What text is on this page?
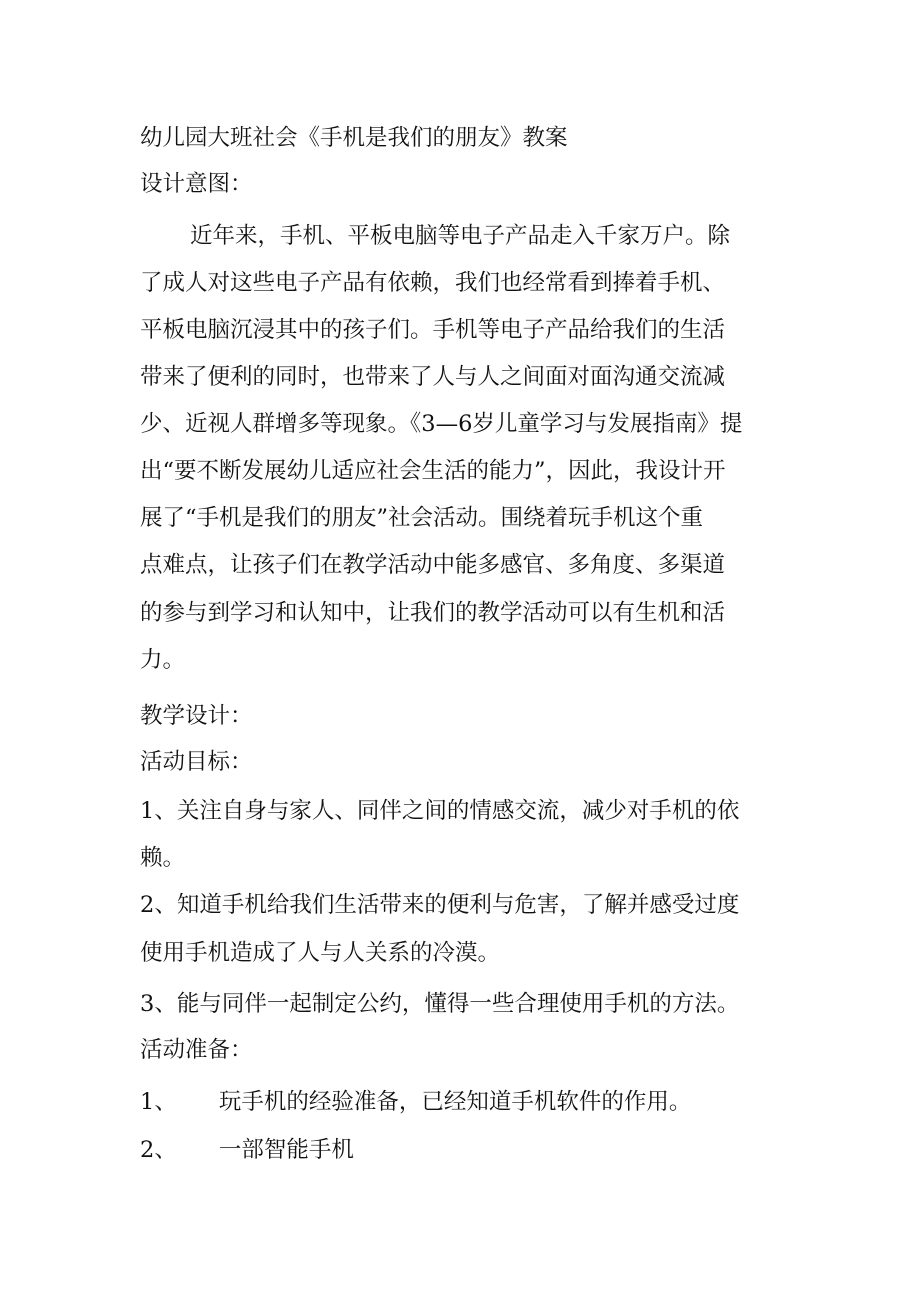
幼儿园大班社会《手机是我们的朋友》教案
设计意图：
近年来，手机、平板电脑等电子产品走入千家万户。除
了成人对这些电子产品有依赖，我们也经常看到捧着手机、
平板电脑沉浸其中的孩子们。手机等电子产品给我们的生活
带来了便利的同时，也带来了人与人之间面对面沟通交流减
少、近视人群增多等现象。《3—6岁儿童学习与发展指南》提
出“要不断发展幼儿适应社会生活的能力”，因此，我设计开
展了“手机是我们的朋友”社会活动。围绕着玩手机这个重
点难点，让孩子们在教学活动中能多感官、多角度、多渠道
的参与到学习和认知中，让我们的教学活动可以有生机和活
力。
教学设计：
活动目标：
1、关注自身与家人、同伴之间的情感交流，减少对手机的依
赖。
2、知道手机给我们生活带来的便利与危害，了解并感受过度
使用手机造成了人与人关系的冷漠。
3、能与同伴一起制定公约，懂得一些合理使用手机的方法。
活动准备：
1、 玩手机的经验准备，已经知道手机软件的作用。
2、 一部智能手机
